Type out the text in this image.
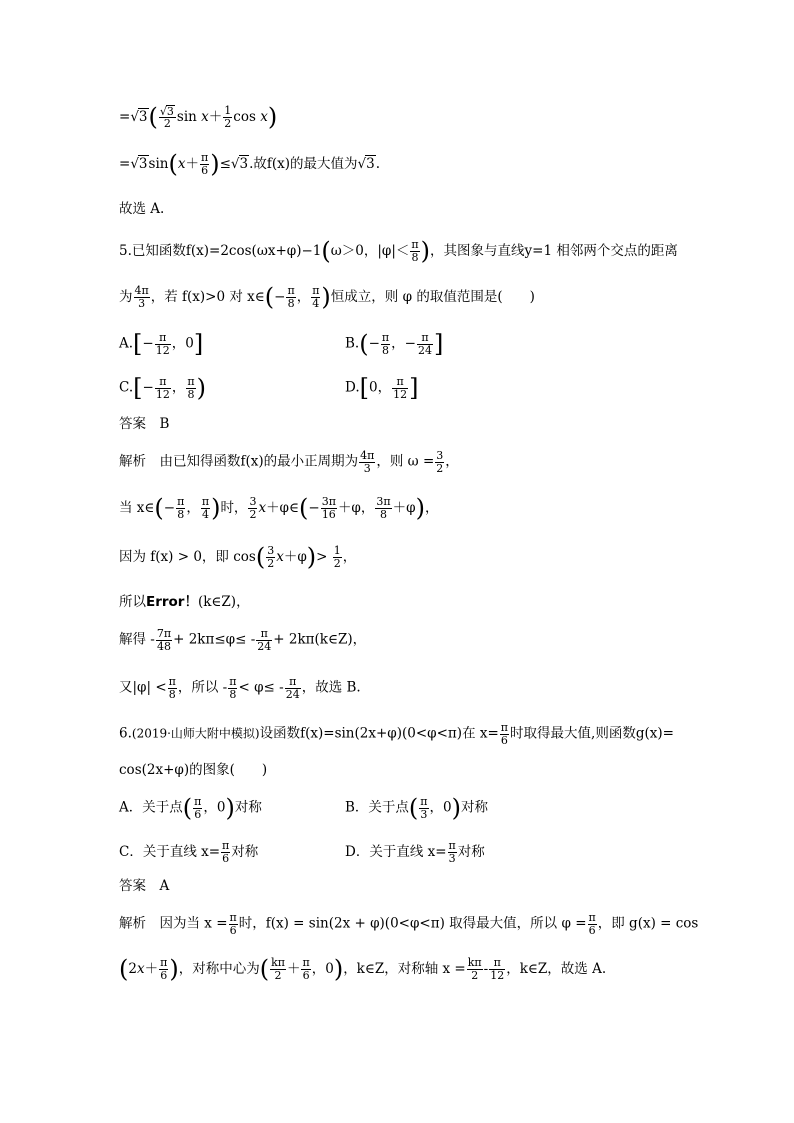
$=√3( \frac{√3}{2}$ $\sin x+ \frac{1}{2}$ cos x)
$=√3\sin(x+ \frac{\pi}{6} )\le√3$.故f(x)的最大值为√3.
故选 A.
5.已知函数f(x)=2cos(ωx+φ)−1(ω＞0，$|\varphi|< \frac{\pi}{8}$ )，其图象与直线y=1 相邻两个交点的距离
为 $\frac{4\pi}{3}$ ，若 f(x)>0 对 x∈(− $\frac{\pi}{8}$ ， $\frac{\pi}{4}$ )恒成立，则 φ 的取值范围是(　　)
$A.[- \frac{\pi}{12}$ ，0]	$B.(- \frac{\pi}{8}$ ，− $\frac{\pi}{24}$ ]
$C.[- \frac{\pi}{12}$ ， $\frac{\pi}{8}$ )	D.[0， $\frac{\pi}{12}$ ]
答案　 B
解析　 由已知得函数f(x)的最小正周期为 $\frac{4\pi}{3}$ ，则 $\omega = \frac{3}{2}$ ，
当 x∈(− $\frac{\pi}{8}$ ， $\frac{\pi}{4}$ )时， $\frac{3}{2}$ x＋φ∈(− $\frac{3\pi}{16} +\varphi$， $\frac{3\pi}{8} +\varphi$)，
因为 f(x) > 0，即 $\cos( \frac{3}{2} x+\varphi)> \frac{1}{2}$ ，
所以Error！(k∈Z)，
解得 - $\frac{7\pi}{48} + 2k\pi\le\varphi\le - \frac{\pi}{24}$ + 2kπ(k∈Z)，
又$|\varphi| < \frac{\pi}{8}$ ，所以 - $\frac{\pi}{8} < \varphi\le - \frac{\pi}{24}$ ，故选 B.
6.(2019·山师大附中模拟)设函数f(x)=sin(2x+φ)(0<φ<π)在 $x= \frac{\pi}{6}$ 时取得最大值,则函数g(x)=
cos(2x+φ)的图象(　　)
A．关于点( $\frac{\pi}{6}$ ，0)对称	B．关于点( $\frac{\pi}{3}$ ，0)对称
C．关于直线 $x= \frac{\pi}{6}$ 对称	D．关于直线 $x= \frac{\pi}{3}$ 对称
答案　 A
解析　 因为当 $x = \frac{\pi}{6}$ 时，f(x) = sin(2x + φ)(0<φ<π) 取得最大值，所以 $\varphi = \frac{\pi}{6}$ ，即 g(x) = cos
($2x+ \frac{\pi}{6}$ )，对称中心为( $\frac{k\pi}{2} + \frac{\pi}{6}$ ，0)，k∈Z，对称轴 $x = \frac{k\pi}{2} - \frac{\pi}{12}$ ，k∈Z，故选 A.
